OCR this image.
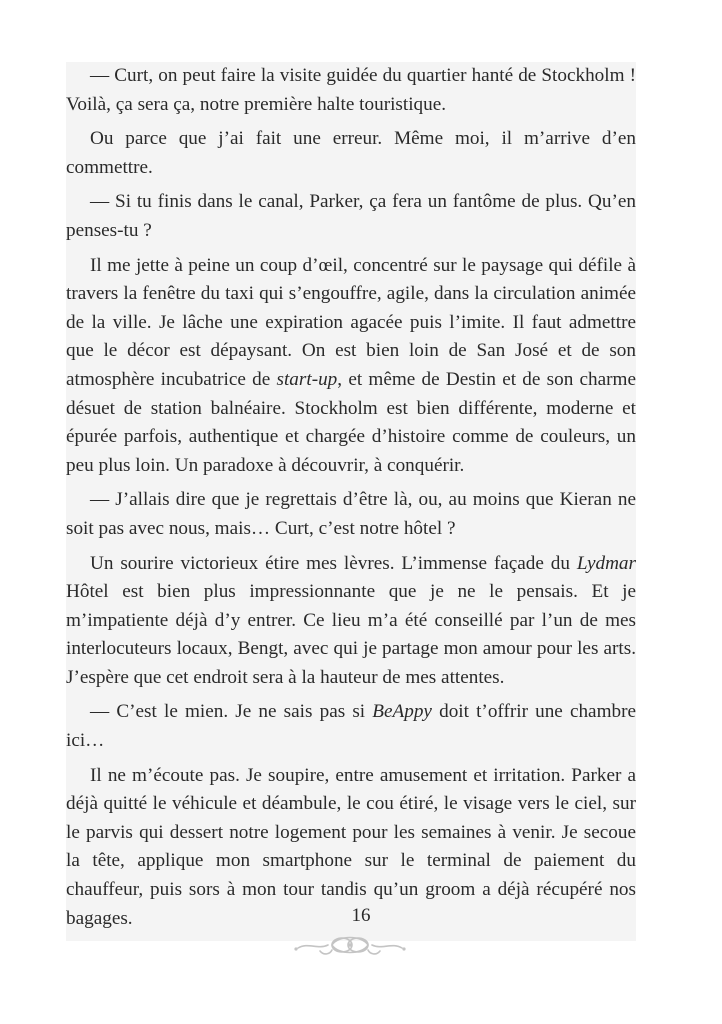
— Curt, on peut faire la visite guidée du quartier hanté de Stockholm ! Voilà, ça sera ça, notre première halte touristique.

Ou parce que j’ai fait une erreur. Même moi, il m’arrive d’en commettre.

— Si tu finis dans le canal, Parker, ça fera un fantôme de plus. Qu’en penses-tu ?

Il me jette à peine un coup d’œil, concentré sur le paysage qui défile à travers la fenêtre du taxi qui s’engouffre, agile, dans la circulation animée de la ville. Je lâche une expiration agacée puis l’imite. Il faut admettre que le décor est dépaysant. On est bien loin de San José et de son atmosphère incubatrice de start-up, et même de Destin et de son charme désuet de station balnéaire. Stockholm est bien différente, moderne et épurée parfois, authentique et chargée d’histoire comme de couleurs, un peu plus loin. Un paradoxe à découvrir, à conquérir.

— J’allais dire que je regrettais d’être là, ou, au moins que Kieran ne soit pas avec nous, mais… Curt, c’est notre hôtel ?

Un sourire victorieux étire mes lèvres. L’immense façade du Lydmar Hôtel est bien plus impressionnante que je ne le pensais. Et je m’impatiente déjà d’y entrer. Ce lieu m’a été conseillé par l’un de mes interlocuteurs locaux, Bengt, avec qui je partage mon amour pour les arts. J’espère que cet endroit sera à la hauteur de mes attentes.

— C’est le mien. Je ne sais pas si BeAppy doit t’offrir une chambre ici…

Il ne m’écoute pas. Je soupire, entre amusement et irritation. Parker a déjà quitté le véhicule et déambule, le cou étiré, le visage vers le ciel, sur le parvis qui dessert notre logement pour les semaines à venir. Je secoue la tête, applique mon smartphone sur le terminal de paiement du chauffeur, puis sors à mon tour tandis qu’un groom a déjà récupéré nos bagages.	16
